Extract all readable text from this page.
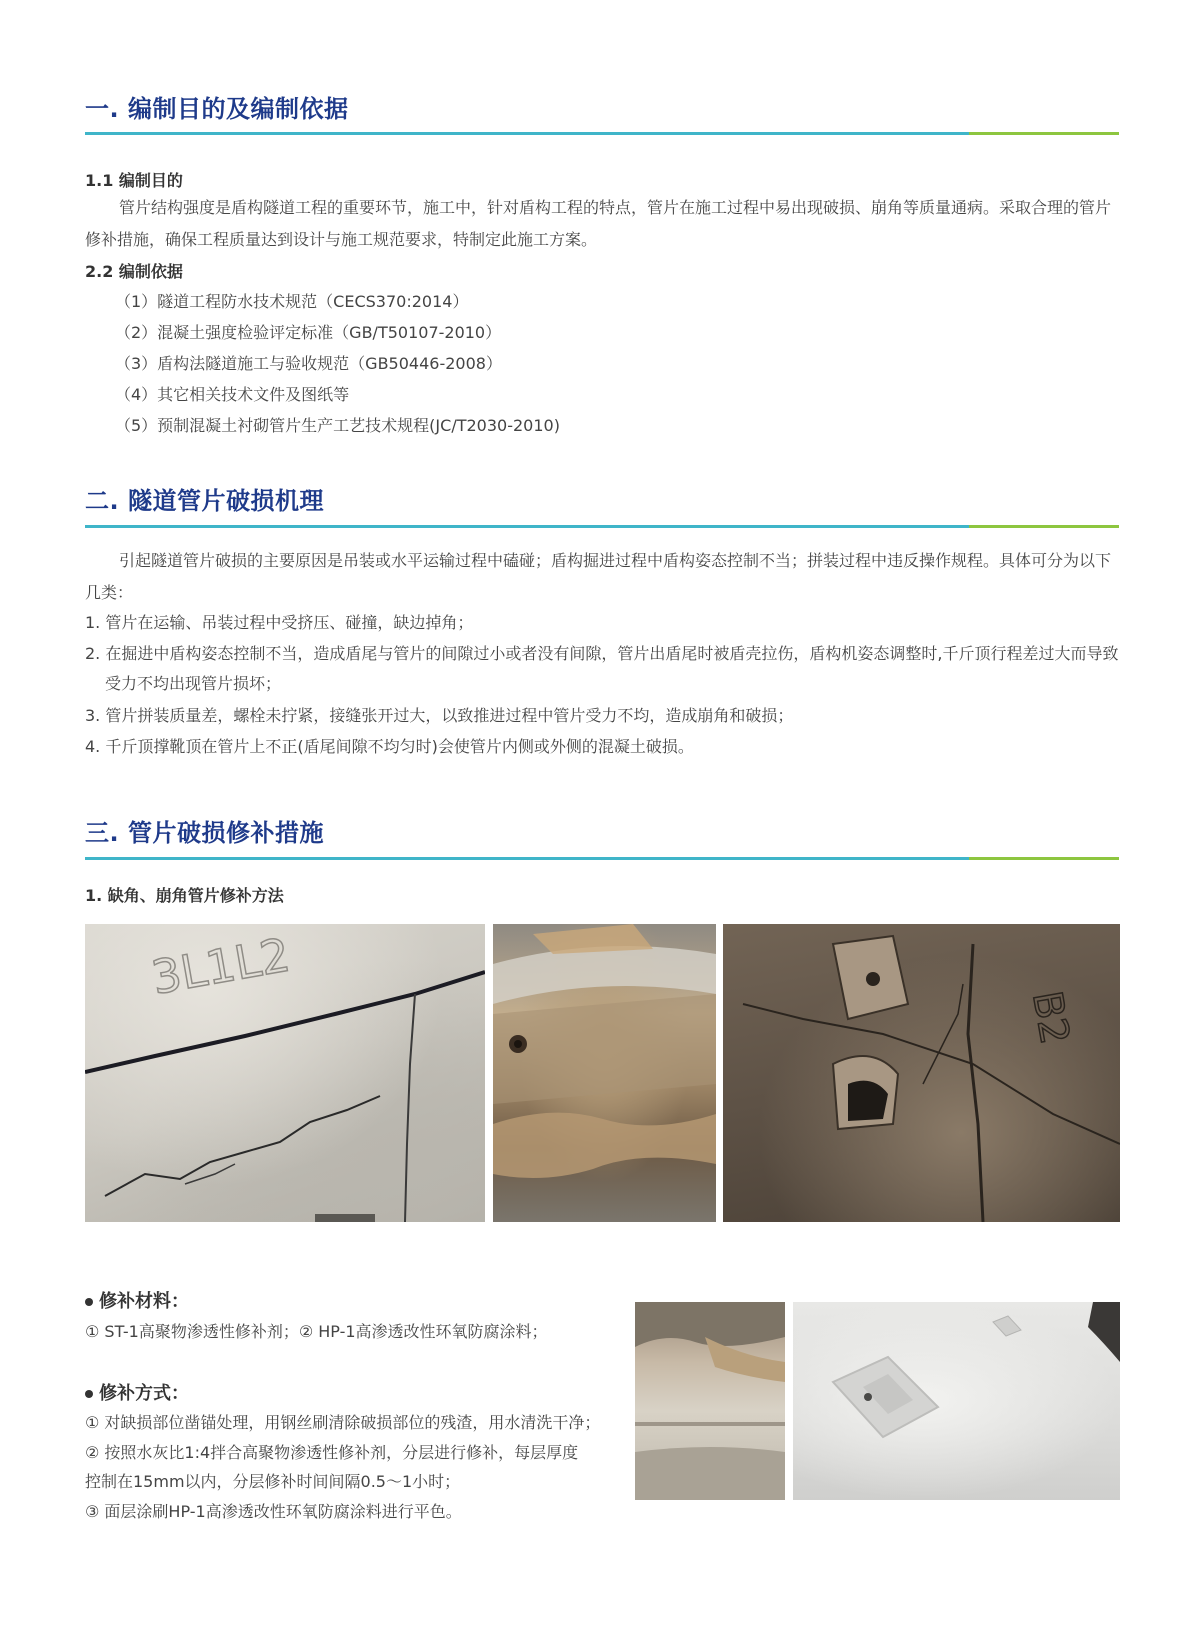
一. 编制目的及编制依据
1.1 编制目的
管片结构强度是盾构隧道工程的重要环节，施工中，针对盾构工程的特点，管片在施工过程中易出现破损、崩角等质量通病。采取合理的管片修补措施，确保工程质量达到设计与施工规范要求，特制定此施工方案。
2.2 编制依据
（1）隧道工程防水技术规范（CECS370:2014）
（2）混凝土强度检验评定标准（GB/T50107-2010）
（3）盾构法隧道施工与验收规范（GB50446-2008）
（4）其它相关技术文件及图纸等
（5）预制混凝土衬砌管片生产工艺技术规程(JC/T2030-2010)
二. 隧道管片破损机理
引起隧道管片破损的主要原因是吊装或水平运输过程中磕碰；盾构掘进过程中盾构姿态控制不当；拼装过程中违反操作规程。具体可分为以下几类：
1. 管片在运输、吊装过程中受挤压、碰撞，缺边掉角；
2. 在掘进中盾构姿态控制不当，造成盾尾与管片的间隙过小或者没有间隙，管片出盾尾时被盾壳拉伤，盾构机姿态调整时,千斤顶行程差过大而导致受力不均出现管片损坏；
3. 管片拼装质量差，螺栓未拧紧，接缝张开过大，以致推进过程中管片受力不均，造成崩角和破损；
4. 千斤顶撑靴顶在管片上不正(盾尾间隙不均匀时)会使管片内侧或外侧的混凝土破损。
三. 管片破损修补措施
1. 缺角、崩角管片修补方法
3L1L2
B2
修补材料：
① ST-1高聚物渗透性修补剂；② HP-1高渗透改性环氧防腐涂料；
修补方式：
① 对缺损部位凿锚处理，用钢丝刷清除破损部位的残渣，用水清洗干净；
② 按照水灰比1:4拌合高聚物渗透性修补剂，分层进行修补，每层厚度
控制在15mm以内，分层修补时间间隔0.5～1小时；
③ 面层涂刷HP-1高渗透改性环氧防腐涂料进行平色。
